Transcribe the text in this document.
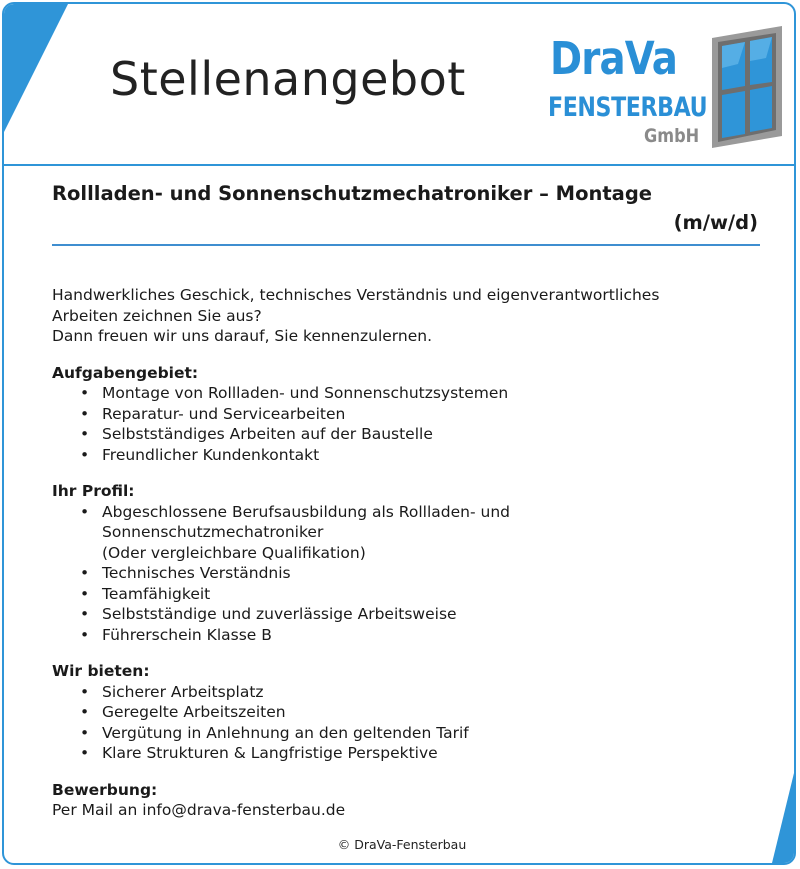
Stellenangebot DraVa
FENSTERBAU
GmbH
Rollladen- und Sonnenschutzmechatroniker – Montage
(m/w/d)

Handwerkliches Geschick, technisches Verständnis und eigenverantwortliches
Arbeiten zeichnen Sie aus?
Dann freuen wir uns darauf, Sie kennenzulernen.

Aufgabengebiet:
• Montage von Rollladen- und Sonnenschutzsystemen
• Reparatur- und Servicearbeiten
• Selbstständiges Arbeiten auf der Baustelle
• Freundlicher Kundenkontakt
Ihr Profil:
• Abgeschlossene Berufsausbildung als Rollladen- und
Sonnenschutzmechatroniker
(Oder vergleichbare Qualifikation)
• Technisches Verständnis
• Teamfähigkeit
• Selbstständige und zuverlässige Arbeitsweise
• Führerschein Klasse B
Wir bieten:
• Sicherer Arbeitsplatz
• Geregelte Arbeitszeiten
• Vergütung in Anlehnung an den geltenden Tarif
• Klare Strukturen & Langfristige Perspektive
Bewerbung:

Per Mail an info@drava-fensterbau.de

© DraVa-Fensterbau
